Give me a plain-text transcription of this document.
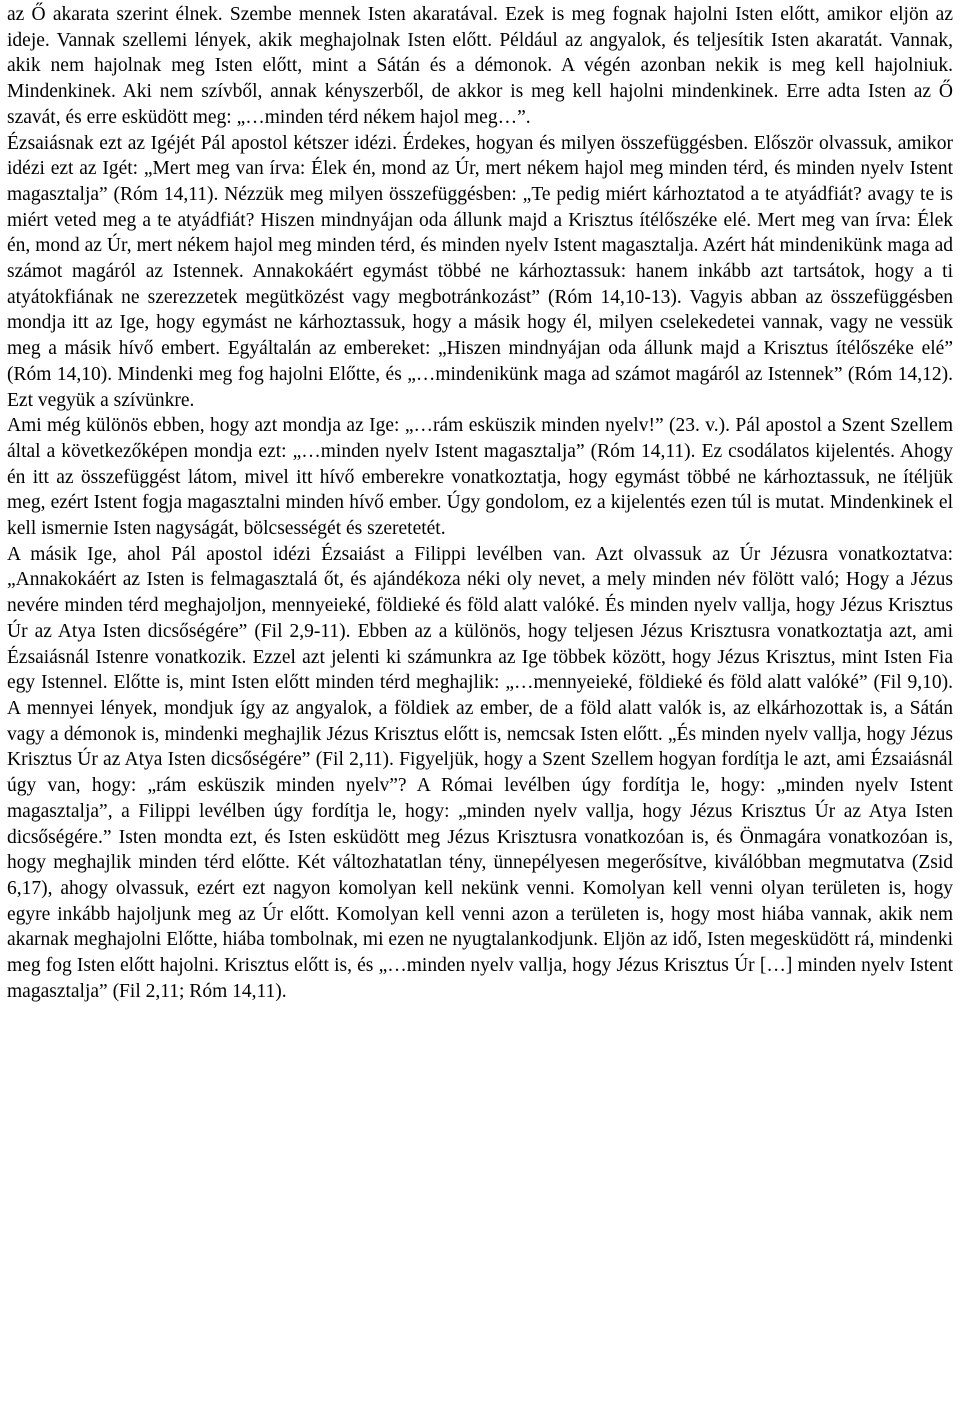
az Ő akarata szerint élnek. Szembe mennek Isten akaratával. Ezek is meg fognak hajolni Isten előtt, amikor eljön az ideje. Vannak szellemi lények, akik meghajolnak Isten előtt. Például az angyalok, és teljesítik Isten akaratát. Vannak, akik nem hajolnak meg Isten előtt, mint a Sátán és a démonok. A végén azonban nekik is meg kell hajolniuk. Mindenkinek. Aki nem szívből, annak kényszerből, de akkor is meg kell hajolni mindenkinek. Erre adta Isten az Ő szavát, és erre esküdött meg: „…minden térd nékem hajol meg…”.

Ézsaiásnak ezt az Igéjét Pál apostol kétszer idézi. Érdekes, hogyan és milyen összefüggésben. Először olvassuk, amikor idézi ezt az Igét: „Mert meg van írva: Élek én, mond az Úr, mert nékem hajol meg minden térd, és minden nyelv Istent magasztalja” (Róm 14,11). Nézzük meg milyen összefüggésben: „Te pedig miért kárhoztatod a te atyádfiát? avagy te is miért veted meg a te atyádfiát? Hiszen mindnyájan oda állunk majd a Krisztus ítélőszéke elé. Mert meg van írva: Élek én, mond az Úr, mert nékem hajol meg minden térd, és minden nyelv Istent magasztalja. Azért hát mindenikünk maga ad számot magáról az Istennek. Annakokáért egymást többé ne kárhoztassuk: hanem inkább azt tartsátok, hogy a ti atyátokfiának ne szerezzetek megütközést vagy megbotránkozást” (Róm 14,10-13). Vagyis abban az összefüggésben mondja itt az Ige, hogy egymást ne kárhoztassuk, hogy a másik hogy él, milyen cselekedetei vannak, vagy ne vessük meg a másik hívő embert. Egyáltalán az embereket: „Hiszen mindnyájan oda állunk majd a Krisztus ítélőszéke elé” (Róm 14,10). Mindenki meg fog hajolni Előtte, és „…mindenikünk maga ad számot magáról az Istennek” (Róm 14,12). Ezt vegyük a szívünkre.

Ami még különös ebben, hogy azt mondja az Ige: „…rám esküszik minden nyelv!” (23. v.). Pál apostol a Szent Szellem által a következőképen mondja ezt: „…minden nyelv Istent magasztalja” (Róm 14,11). Ez csodálatos kijelentés. Ahogy én itt az összefüggést látom, mivel itt hívő emberekre vonatkoztatja, hogy egymást többé ne kárhoztassuk, ne ítéljük meg, ezért Istent fogja magasztalni minden hívő ember. Úgy gondolom, ez a kijelentés ezen túl is mutat. Mindenkinek el kell ismernie Isten nagyságát, bölcsességét és szeretetét.

A másik Ige, ahol Pál apostol idézi Ézsaiást a Filippi levélben van. Azt olvassuk az Úr Jézusra vonatkoztatva: „Annakokáért az Isten is felmagasztalá őt, és ajándékoza néki oly nevet, a mely minden név fölött való; Hogy a Jézus nevére minden térd meghajoljon, mennyeieké, földieké és föld alatt valóké. És minden nyelv vallja, hogy Jézus Krisztus Úr az Atya Isten dicsőségére” (Fil 2,9-11). Ebben az a különös, hogy teljesen Jézus Krisztusra vonatkoztatja azt, ami Ézsaiásnál Istenre vonatkozik. Ezzel azt jelenti ki számunkra az Ige többek között, hogy Jézus Krisztus, mint Isten Fia egy Istennel. Előtte is, mint Isten előtt minden térd meghajlik: „…mennyeieké, földieké és föld alatt valóké” (Fil 9,10). A mennyei lények, mondjuk így az angyalok, a földiek az ember, de a föld alatt valók is, az elkárhozottak is, a Sátán vagy a démonok is, mindenki meghajlik Jézus Krisztus előtt is, nemcsak Isten előtt. „És minden nyelv vallja, hogy Jézus Krisztus Úr az Atya Isten dicsőségére” (Fil 2,11). Figyeljük, hogy a Szent Szellem hogyan fordítja le azt, ami Ézsaiásnál úgy van, hogy: „rám esküszik minden nyelv”? A Római levélben úgy fordítja le, hogy: „minden nyelv Istent magasztalja”, a Filippi levélben úgy fordítja le, hogy: „minden nyelv vallja, hogy Jézus Krisztus Úr az Atya Isten dicsőségére.” Isten mondta ezt, és Isten esküdött meg Jézus Krisztusra vonatkozóan is, és Önmagára vonatkozóan is, hogy meghajlik minden térd előtte. Két változhatatlan tény, ünnepélyesen megerősítve, kiválóbban megmutatva (Zsid 6,17), ahogy olvassuk, ezért ezt nagyon komolyan kell nekünk venni. Komolyan kell venni olyan területen is, hogy egyre inkább hajoljunk meg az Úr előtt. Komolyan kell venni azon a területen is, hogy most hiába vannak, akik nem akarnak meghajolni Előtte, hiába tombolnak, mi ezen ne nyugtalankodjunk. Eljön az idő, Isten megesküdött rá, mindenki meg fog Isten előtt hajolni. Krisztus előtt is, és „…minden nyelv vallja, hogy Jézus Krisztus Úr […] minden nyelv Istent magasztalja” (Fil 2,11; Róm 14,11).
